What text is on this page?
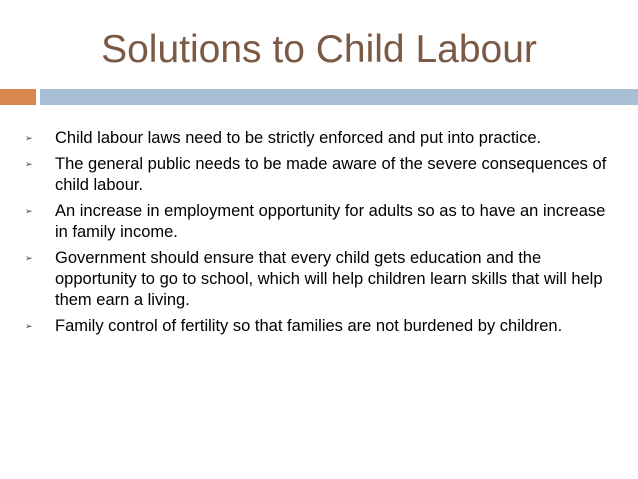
Solutions to Child Labour
➢ Child labour laws need to be strictly enforced and put into practice.
➢ The general public needs to be made aware of the severe consequences of child labour.
➢ An increase in employment opportunity for adults so as to have an increase in family income.
➢ Government should ensure that every child gets education and the opportunity to go to school, which will help children learn skills that will help them earn a living.
➢ Family control of fertility so that families are not burdened by children.
